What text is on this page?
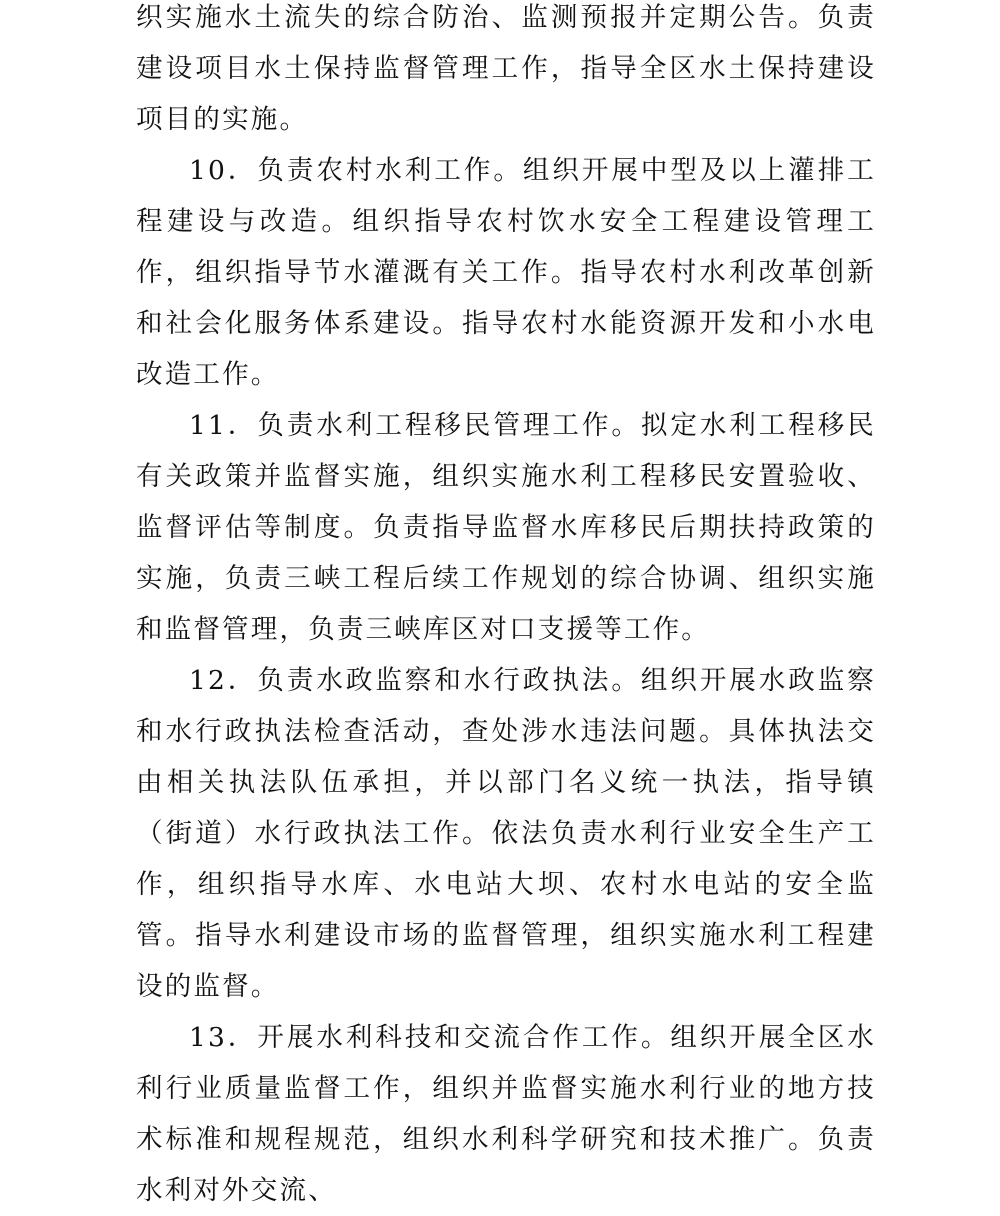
织实施水土流失的综合防治、监测预报并定期公告。负责建设项目水土保持监督管理工作，指导全区水土保持建设项目的实施。

10．负责农村水利工作。组织开展中型及以上灌排工程建设与改造。组织指导农村饮水安全工程建设管理工作，组织指导节水灌溉有关工作。指导农村水利改革创新和社会化服务体系建设。指导农村水能资源开发和小水电改造工作。

11．负责水利工程移民管理工作。拟定水利工程移民有关政策并监督实施，组织实施水利工程移民安置验收、监督评估等制度。负责指导监督水库移民后期扶持政策的实施，负责三峡工程后续工作规划的综合协调、组织实施和监督管理，负责三峡库区对口支援等工作。

12．负责水政监察和水行政执法。组织开展水政监察和水行政执法检查活动，查处涉水违法问题。具体执法交由相关执法队伍承担，并以部门名义统一执法，指导镇（街道）水行政执法工作。依法负责水利行业安全生产工作，组织指导水库、水电站大坝、农村水电站的安全监管。指导水利建设市场的监督管理，组织实施水利工程建设的监督。

13．开展水利科技和交流合作工作。组织开展全区水利行业质量监督工作，组织并监督实施水利行业的地方技术标准和规程规范，组织水利科学研究和技术推广。负责水利对外交流、
